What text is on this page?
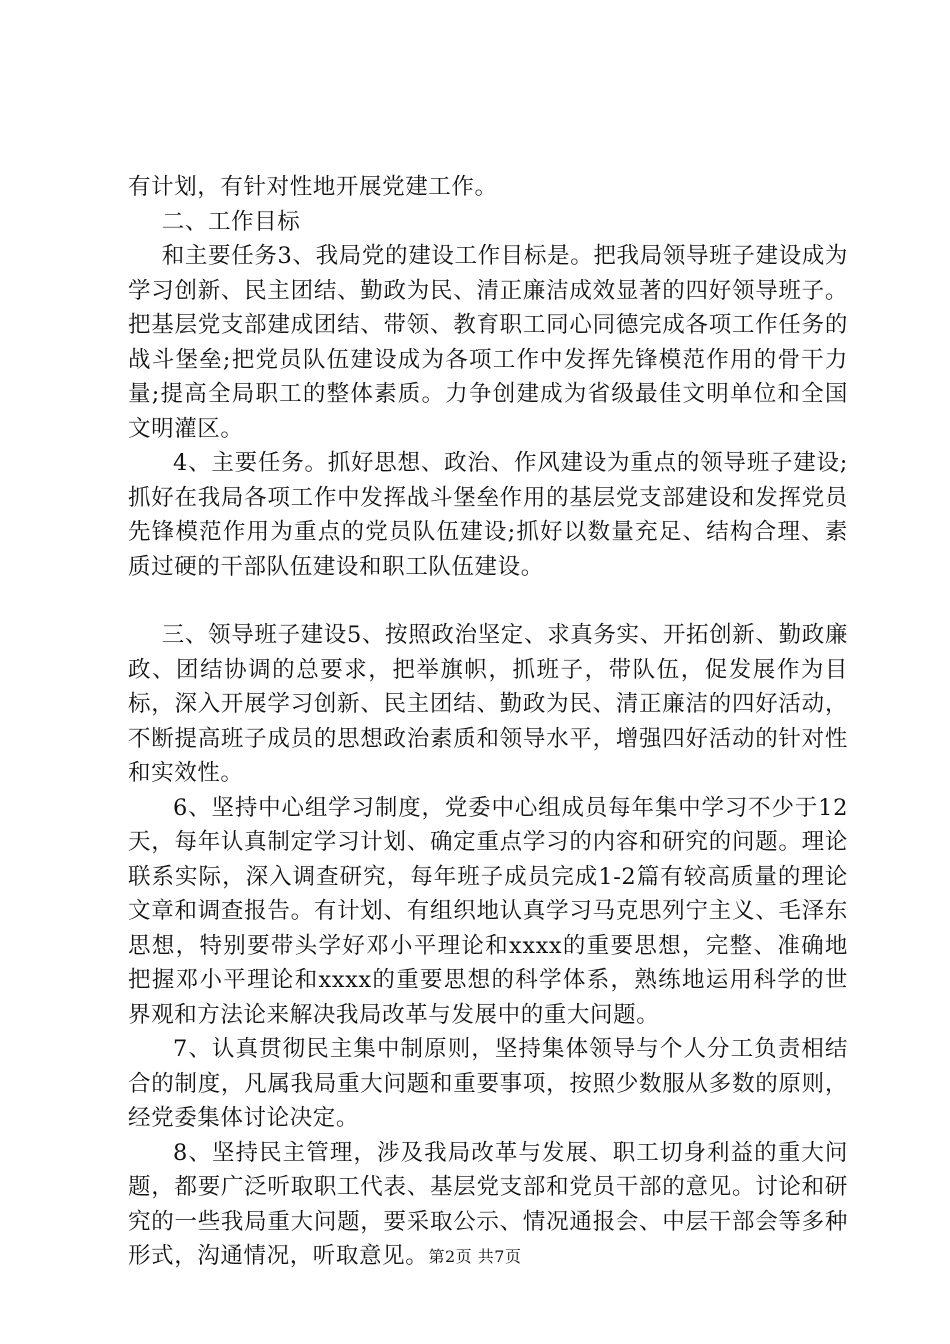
有计划，有针对性地开展党建工作。

二、工作目标

和主要任务3、我局党的建设工作目标是。把我局领导班子建设成为学习创新、民主团结、勤政为民、清正廉洁成效显著的四好领导班子。把基层党支部建成团结、带领、教育职工同心同德完成各项工作任务的战斗堡垒;把党员队伍建设成为各项工作中发挥先锋模范作用的骨干力量;提高全局职工的整体素质。力争创建成为省级最佳文明单位和全国文明灌区。

4、主要任务。抓好思想、政治、作风建设为重点的领导班子建设;抓好在我局各项工作中发挥战斗堡垒作用的基层党支部建设和发挥党员先锋模范作用为重点的党员队伍建设;抓好以数量充足、结构合理、素质过硬的干部队伍建设和职工队伍建设。

三、领导班子建设5、按照政治坚定、求真务实、开拓创新、勤政廉政、团结协调的总要求，把举旗帜，抓班子，带队伍，促发展作为目标，深入开展学习创新、民主团结、勤政为民、清正廉洁的四好活动，不断提高班子成员的思想政治素质和领导水平，增强四好活动的针对性和实效性。

6、坚持中心组学习制度，党委中心组成员每年集中学习不少于12天，每年认真制定学习计划、确定重点学习的内容和研究的问题。理论联系实际，深入调查研究，每年班子成员完成1-2篇有较高质量的理论文章和调查报告。有计划、有组织地认真学习马克思列宁主义、毛泽东思想，特别要带头学好邓小平理论和xxxx的重要思想，完整、准确地把握邓小平理论和xxxx的重要思想的科学体系，熟练地运用科学的世界观和方法论来解决我局改革与发展中的重大问题。

7、认真贯彻民主集中制原则，坚持集体领导与个人分工负责相结合的制度，凡属我局重大问题和重要事项，按照少数服从多数的原则，经党委集体讨论决定。

8、坚持民主管理，涉及我局改革与发展、职工切身利益的重大问题，都要广泛听取职工代表、基层党支部和党员干部的意见。讨论和研究的一些我局重大问题，要采取公示、情况通报会、中层干部会等多种形式，沟通情况，听取意见。 第2页 共7页
